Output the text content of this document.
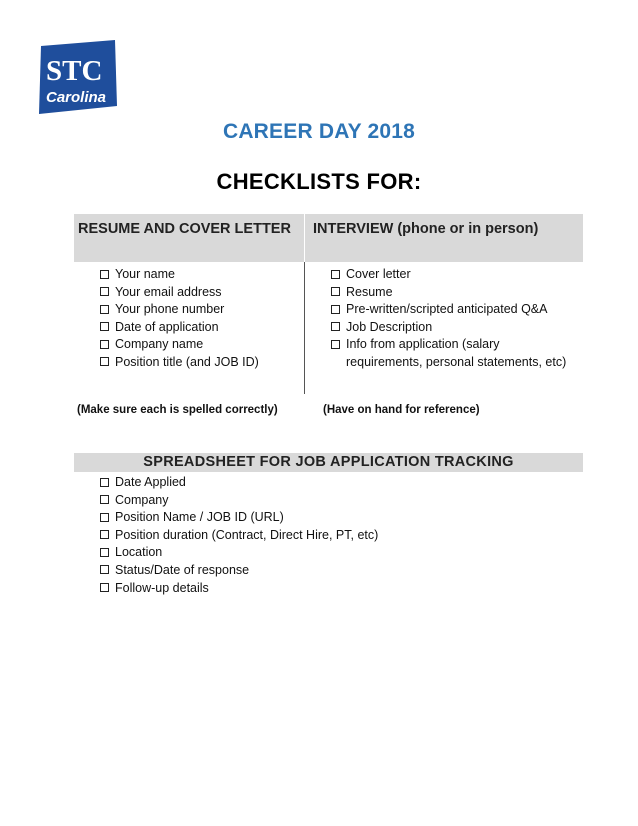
STC
Carolina
CAREER DAY 2018
CHECKLISTS FOR:
RESUME AND COVER LETTER	INTERVIEW (phone or in person)
Your name
Your email address
Your phone number
Date of application
Company name
Position title (and JOB ID)
Cover letter
Resume
Pre-written/scripted anticipated Q&A
Job Description
Info from application (salary requirements, personal statements, etc)
(Make sure each is spelled correctly)	(Have on hand for reference)
SPREADSHEET FOR JOB APPLICATION TRACKING
Date Applied
Company
Position Name / JOB ID (URL)
Position duration (Contract, Direct Hire, PT, etc)
Location
Status/Date of response
Follow-up details
